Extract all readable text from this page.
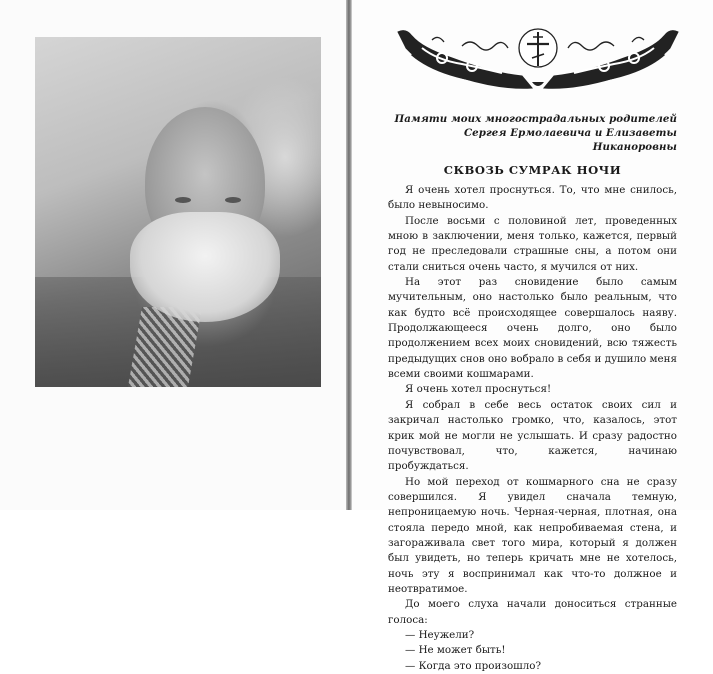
Памяти моих многострадальных родителей
Сергея Ермолаевича и Елизаветы Никаноровны
СКВОЗЬ СУМРАК НОЧИ

Я очень хотел проснуться. То, что мне снилось, было невыносимо.

После восьми с половиной лет, проведенных мною в заключении, меня только, кажется, первый год не преследовали страшные сны, а потом они стали сниться очень часто, я мучился от них.

На этот раз сновидение было самым мучительным, оно настолько было реальным, что как будто всё происходящее совершалось наяву. Продолжающееся очень долго, оно было продолжением всех моих сновидений, всю тяжесть предыдущих снов оно вобрало в себя и душило меня всеми своими кошмарами.

Я очень хотел проснуться!

Я собрал в себе весь остаток своих сил и закричал настолько громко, что, казалось, этот крик мой не могли не услышать. И сразу радостно почувствовал, что, кажется, начинаю пробуждаться.

Но мой переход от кошмарного сна не сразу совершился. Я увидел сначала темную, непроницаемую ночь. Черная-черная, плотная, она стояла передо мной, как непробиваемая стена, и загораживала свет того мира, который я должен был увидеть, но теперь кричать мне не хотелось, ночь эту я воспринимал как что-то должное и неотвратимое.

До моего слуха начали доноситься странные голоса:

— Неужели?

— Не может быть!

— Когда это произошло?
